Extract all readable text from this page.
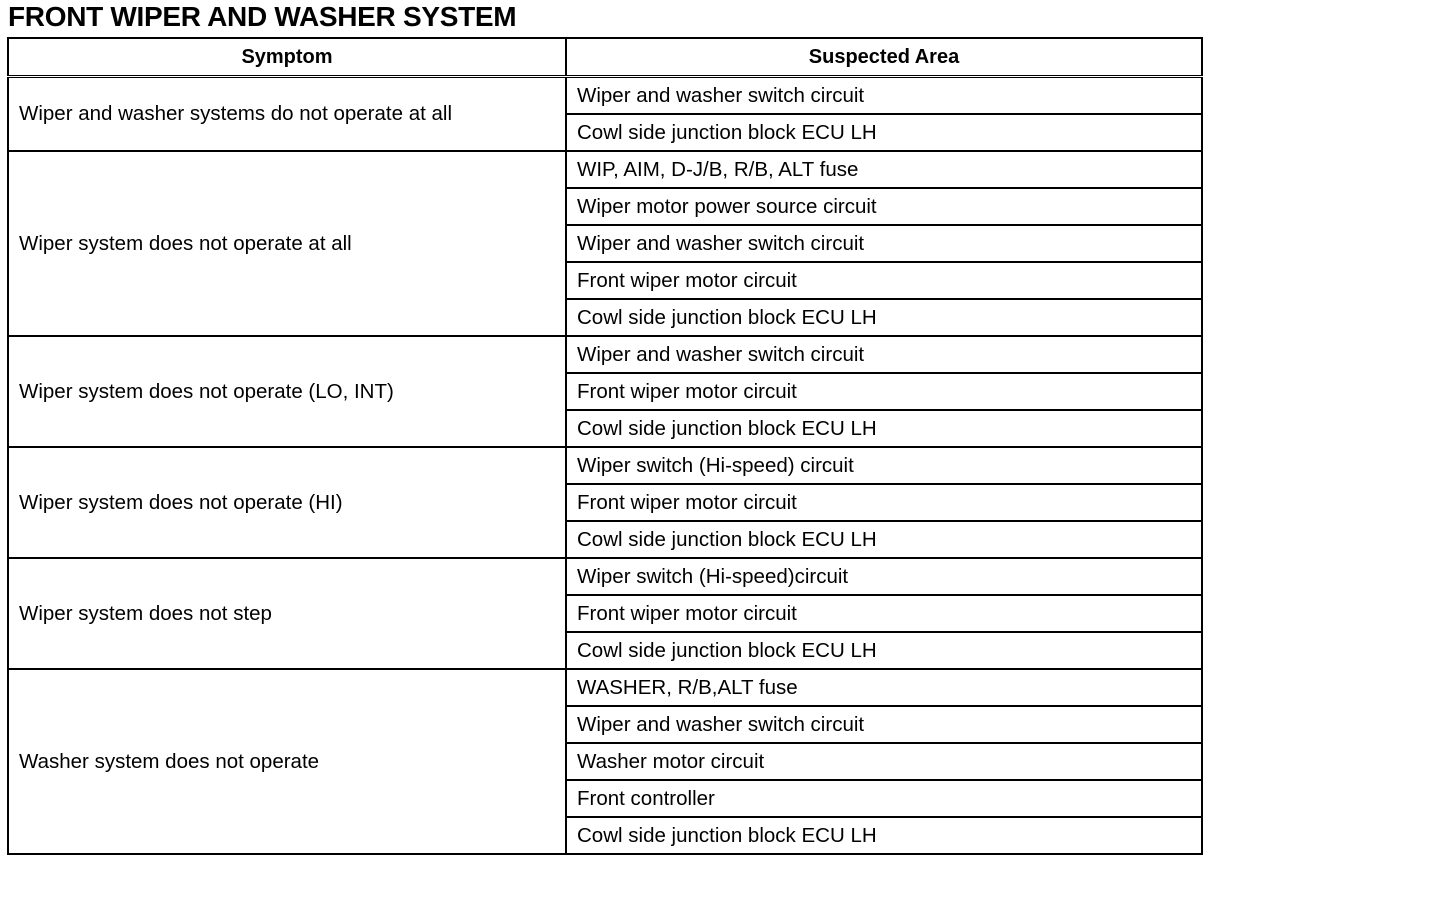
FRONT WIPER AND WASHER SYSTEM
Symptom	Suspected Area
Wiper and washer systems do not operate at all	Wiper and washer switch circuit
	Cowl side junction block ECU LH
Wiper system does not operate at all	WIP, AIM, D-J/B, R/B, ALT fuse
	Wiper motor power source circuit
	Wiper and washer switch circuit
	Front wiper motor circuit
	Cowl side junction block ECU LH
Wiper system does not operate (LO, INT)	Wiper and washer switch circuit
	Front wiper motor circuit
	Cowl side junction block ECU LH
Wiper system does not operate (HI)	Wiper switch (Hi-speed) circuit
	Front wiper motor circuit
	Cowl side junction block ECU LH
Wiper system does not step	Wiper switch (Hi-speed)circuit
	Front wiper motor circuit
	Cowl side junction block ECU LH
Washer system does not operate	WASHER, R/B,ALT fuse
	Wiper and washer switch circuit
	Washer motor circuit
	Front controller
	Cowl side junction block ECU LH
